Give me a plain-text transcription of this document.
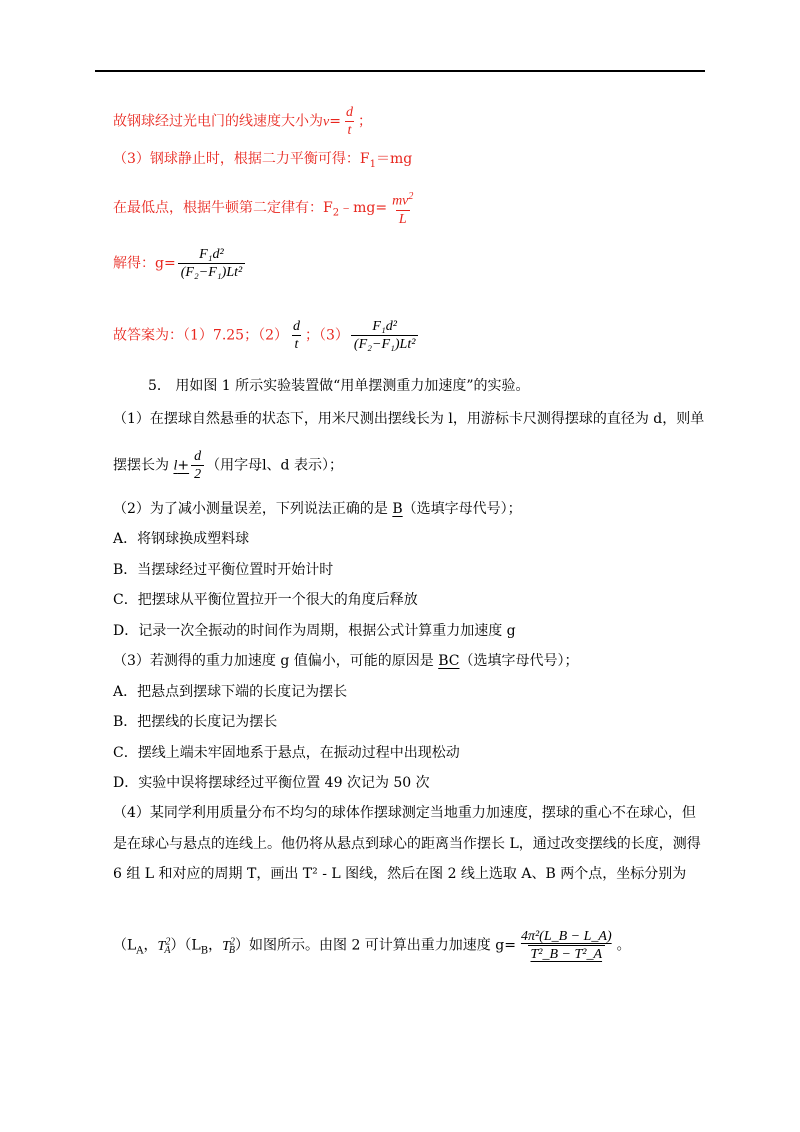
故钢球经过光电门的线速度大小为$v= \frac{d}{t}$ ；
（3）钢球静止时，根据二力平衡可得：$F_1=mg$
在最低点，根据牛顿第二定律有：$F_2﹣mg= \frac{mv^2}{L}$
解得：$g= \frac{\text{F₁d²}}{\text{(F₂−F₁)Lt²}}$
故答案为：（1）7.25；$(2) \frac{d}{t}$ ；$(3) \frac{\text{F₁d²}}{\text{(F₂−F₁)Lt²}}$
5． 用如图 1 所示实验装置做“用单摆测重力加速度”的实验。
（1）在摆球自然悬垂的状态下，用米尺测出摆线长为 l，用游标卡尺测得摆球的直径为 d，则单
摆摆长为 $l+ \frac{d}{2}$ （用字母l、d 表示）；
（2）为了减小测量误差，下列说法正确的是 B（选填字母代号）；
A．将钢球换成塑料球
B．当摆球经过平衡位置时开始计时
C．把摆球从平衡位置拉开一个很大的角度后释放
D．记录一次全振动的时间作为周期，根据公式计算重力加速度 g
（3）若测得的重力加速度 g 值偏小，可能的原因是 BC（选填字母代号）；
A．把悬点到摆球下端的长度记为摆长
B．把摆线的长度记为摆长
C．摆线上端未牢固地系于悬点，在振动过程中出现松动
D．实验中误将摆球经过平衡位置 49 次记为 50 次
（4）某同学利用质量分布不均匀的球体作摆球测定当地重力加速度，摆球的重心不在球心，但
是在球心与悬点的连线上。他仍将从悬点到球心的距离当作摆长 L，通过改变摆线的长度，测得
6 组 L 和对应的周期 T，画出 T² - L 图线，然后在图 2 线上选取 A、B 两个点，坐标分别为
（$L_A$，$T^2_A)(L_B$，$T^2_B$）如图所示。由图 2 可计算出重力加速度 $g= \frac{\text{4π²(L\_B − L\_A)}}{\text{T²\_B − T²\_A}}$ 。
